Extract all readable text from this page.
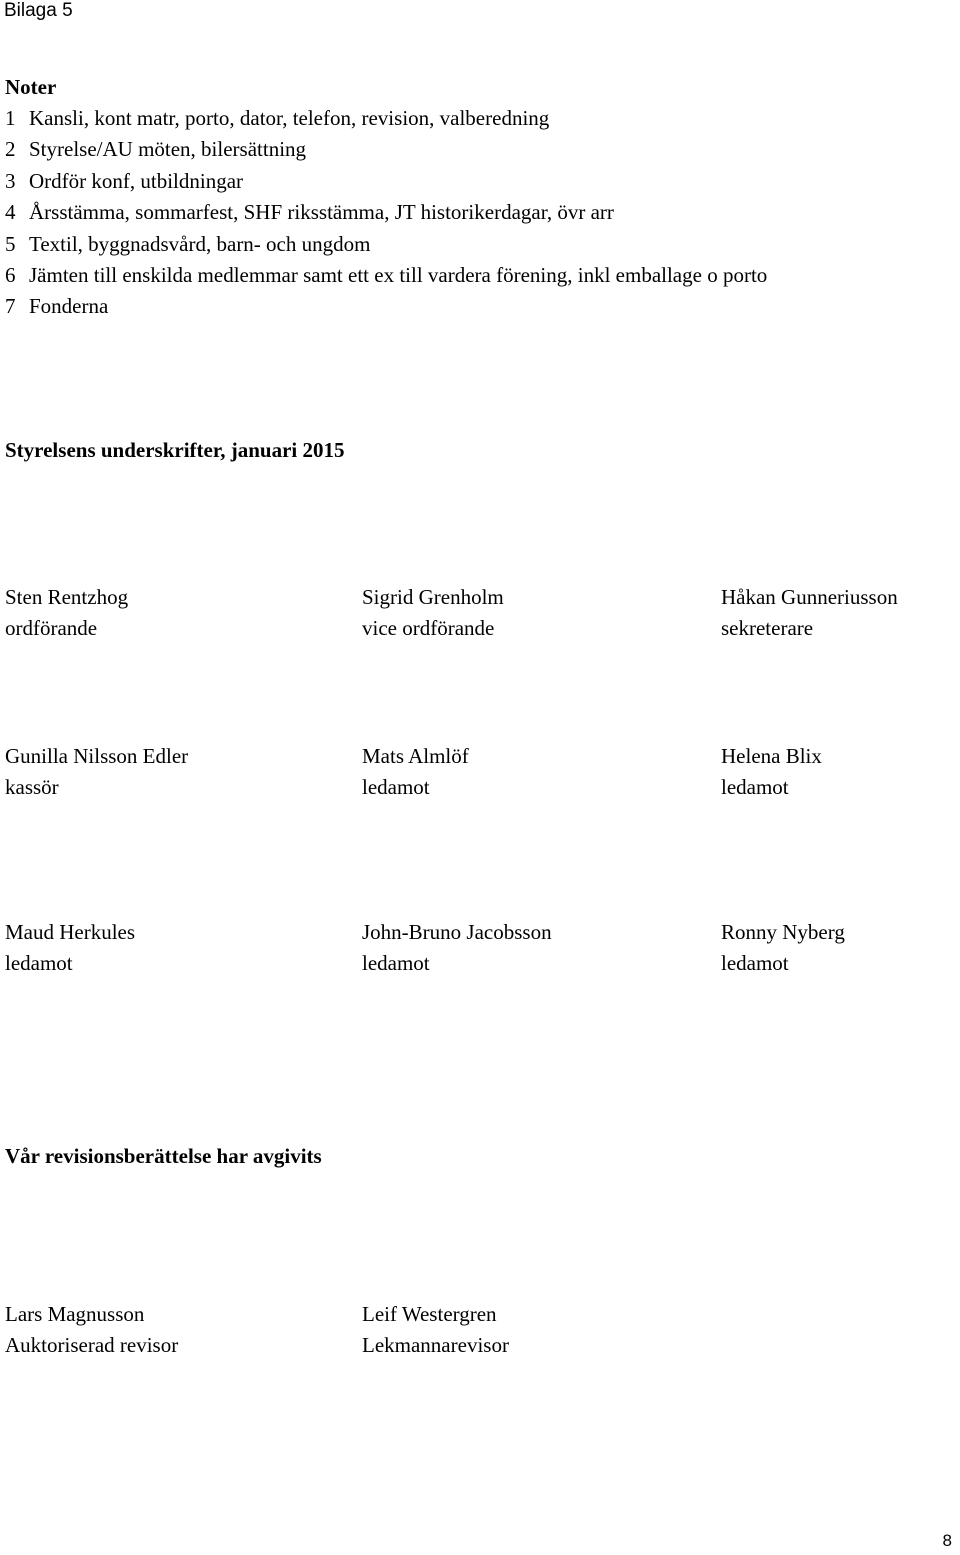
Bilaga 5
Noter
1 Kansli, kont matr, porto, dator, telefon, revision, valberedning
2 Styrelse/AU möten, bilersättning
3 Ordför konf, utbildningar
4 Årsstämma, sommarfest, SHF riksstämma, JT historikerdagar, övr arr
5 Textil, byggnadsvård, barn- och ungdom
6 Jämten till enskilda medlemmar samt ett ex till vardera förening, inkl emballage o porto
7 Fonderna
Styrelsens underskrifter, januari 2015
Sten Rentzhog
ordförande
Sigrid Grenholm
vice ordförande
Håkan Gunneriusson
sekreterare
Gunilla Nilsson Edler
kassör
Mats Almlöf
ledamot
Helena Blix
ledamot
Maud Herkules
ledamot
John-Bruno Jacobsson
ledamot
Ronny Nyberg
ledamot
Vår revisionsberättelse har avgivits
Lars Magnusson
Auktoriserad revisor
Leif Westergren
Lekmannarevisor
8
